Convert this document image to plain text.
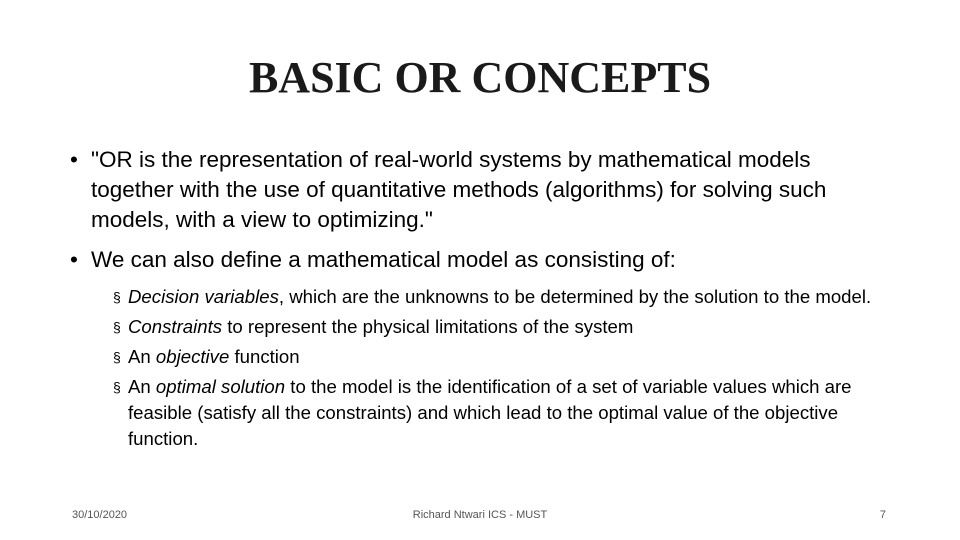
BASIC OR CONCEPTS
• "OR is the representation of real-world systems by mathematical models together with the use of quantitative methods (algorithms) for solving such models, with a view to optimizing."
• We can also define a mathematical model as consisting of:
§ Decision variables, which are the unknowns to be determined by the solution to the model.
§ Constraints to represent the physical limitations of the system
§ An objective function
§ An optimal solution to the model is the identification of a set of variable values which are feasible (satisfy all the constraints) and which lead to the optimal value of the objective function.
30/10/2020	Richard Ntwari ICS - MUST	7
